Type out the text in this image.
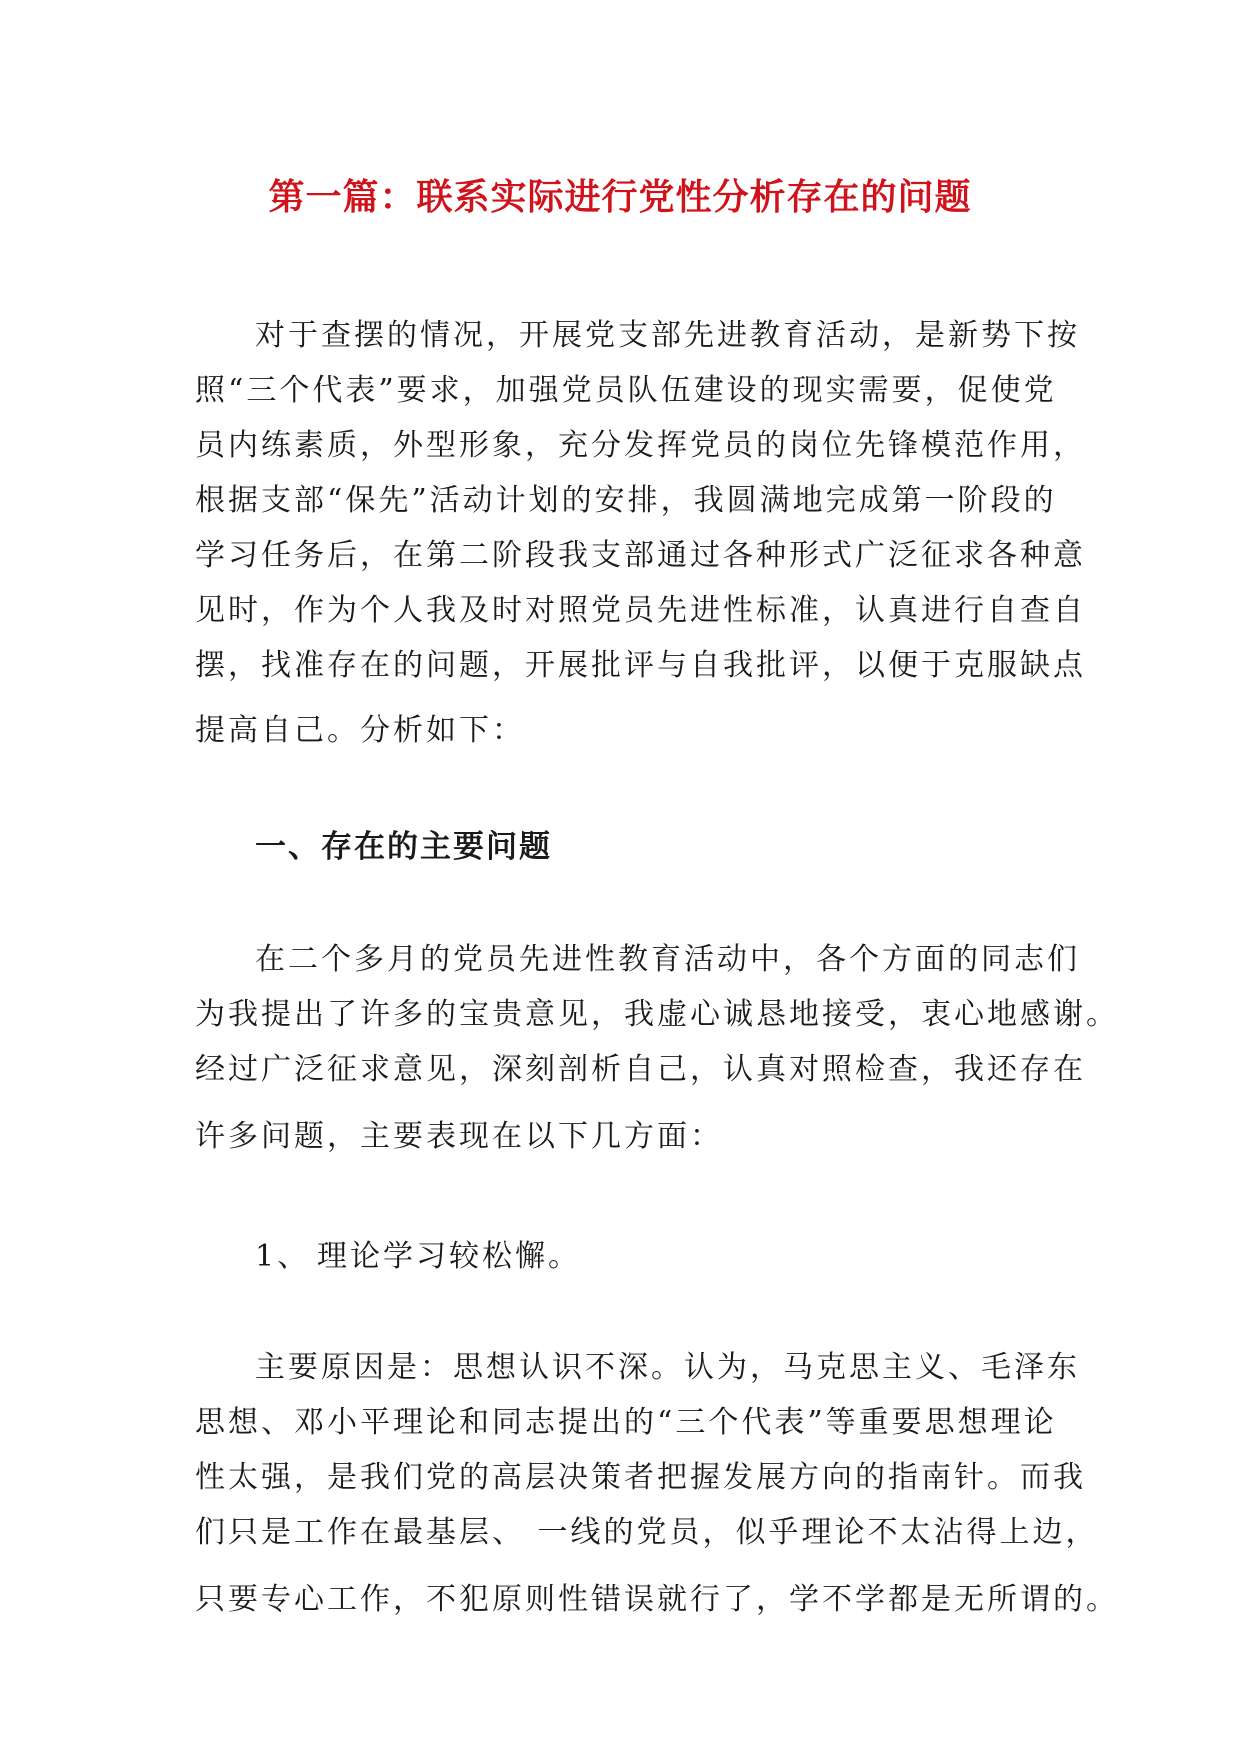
第一篇：联系实际进行党性分析存在的问题
对于查摆的情况，开展党支部先进教育活动，是新势下按
照“三个代表”要求，加强党员队伍建设的现实需要，促使党
员内练素质，外型形象，充分发挥党员的岗位先锋模范作用，
根据支部“保先”活动计划的安排，我圆满地完成第一阶段的
学习任务后，在第二阶段我支部通过各种形式广泛征求各种意
见时，作为个人我及时对照党员先进性标准，认真进行自查自
摆，找准存在的问题，开展批评与自我批评，以便于克服缺点
提高自己。分析如下：
一、存在的主要问题
在二个多月的党员先进性教育活动中，各个方面的同志们
为我提出了许多的宝贵意见，我虚心诚恳地接受，衷心地感谢。
经过广泛征求意见，深刻剖析自己，认真对照检查，我还存在
许多问题，主要表现在以下几方面：
1、 理论学习较松懈。
主要原因是：思想认识不深。认为，马克思主义、毛泽东
思想、邓小平理论和同志提出的“三个代表”等重要思想理论
性太强，是我们党的高层决策者把握发展方向的指南针。而我
们只是工作在最基层、 一线的党员，似乎理论不太沾得上边，
只要专心工作，不犯原则性错误就行了，学不学都是无所谓的。
